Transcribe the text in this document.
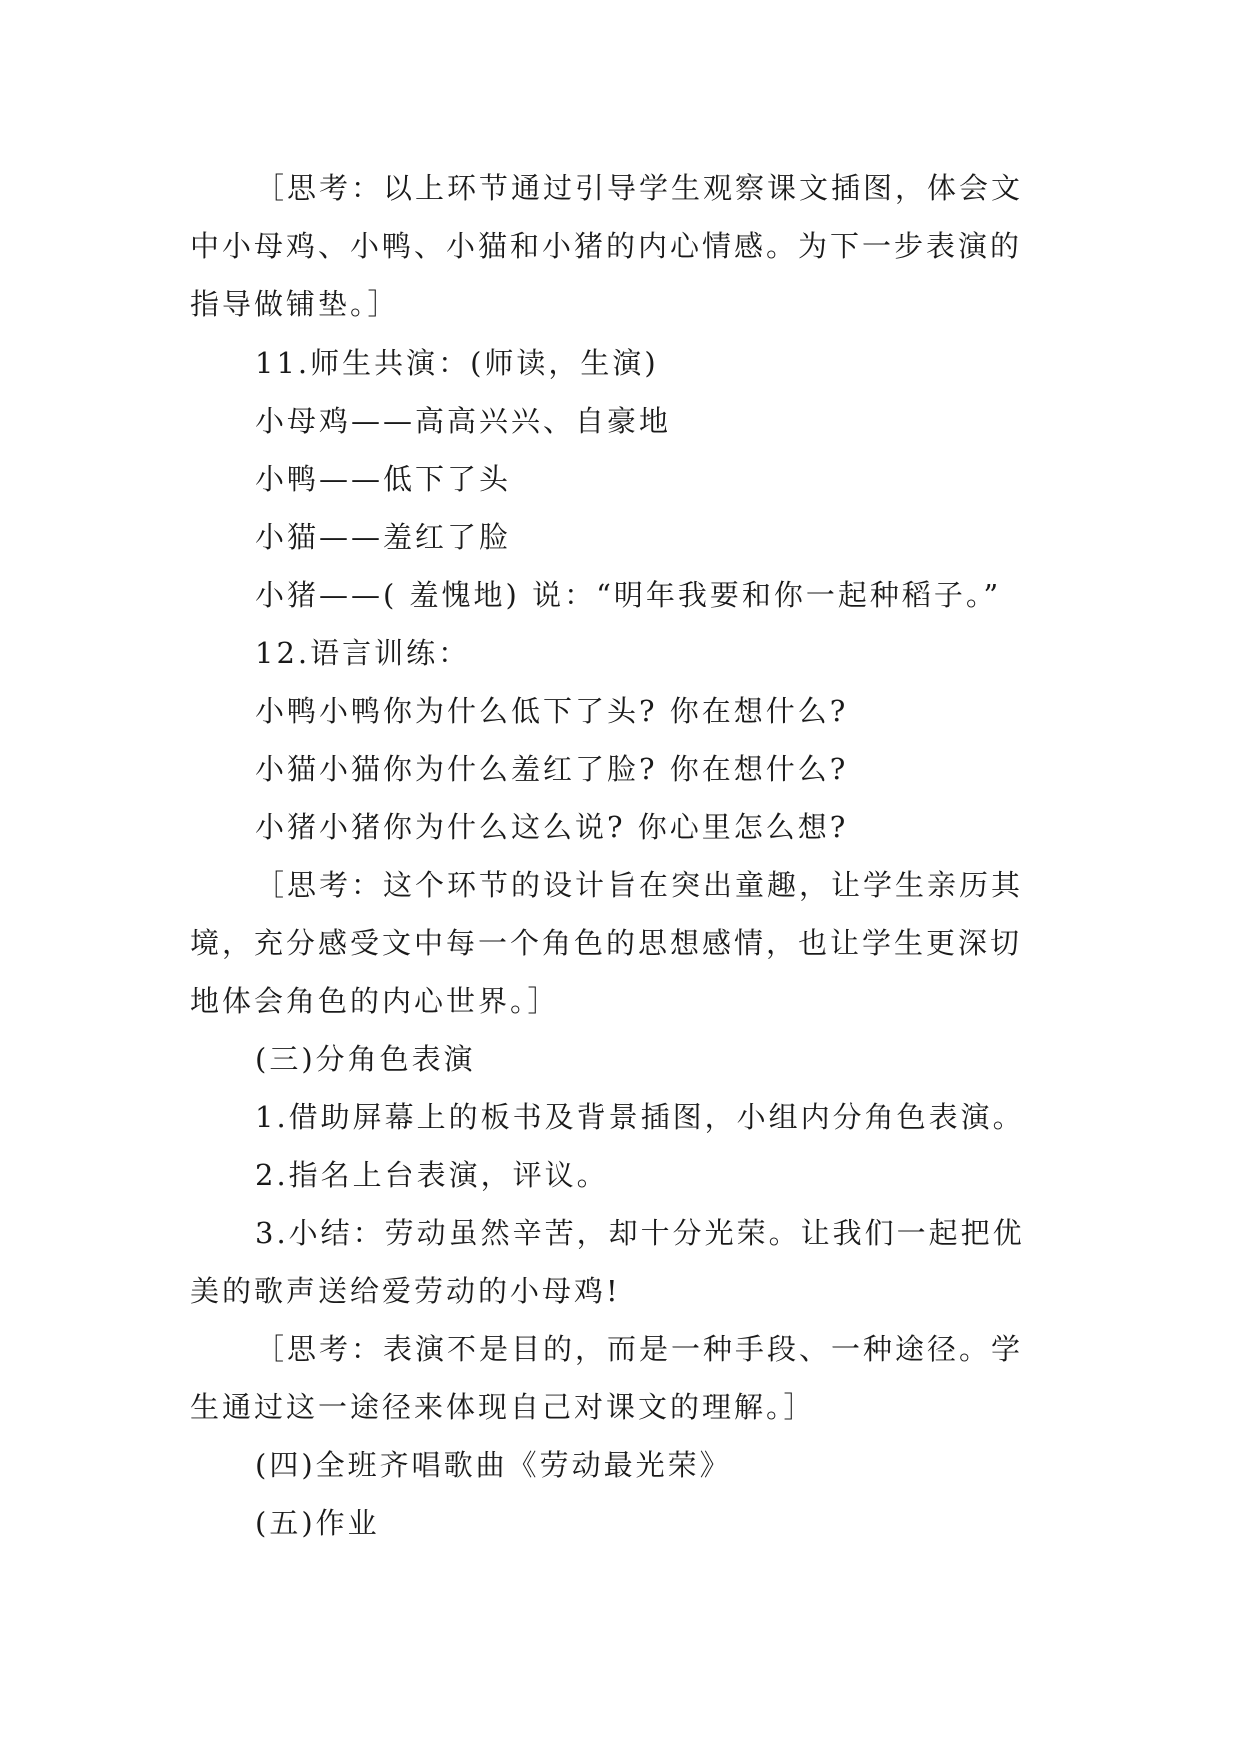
［思考：以上环节通过引导学生观察课文插图，体会文
中小母鸡、小鸭、小猫和小猪的内心情感。为下一步表演的
指导做铺垫。］
11.师生共演：(师读，生演)
小母鸡——高高兴兴、自豪地
小鸭——低下了头
小猫——羞红了脸
小猪——( 羞愧地) 说：“明年我要和你一起种稻子。”
12.语言训练：
小鸭小鸭你为什么低下了头? 你在想什么?
小猫小猫你为什么羞红了脸? 你在想什么?
小猪小猪你为什么这么说? 你心里怎么想?
［思考：这个环节的设计旨在突出童趣，让学生亲历其
境，充分感受文中每一个角色的思想感情，也让学生更深切
地体会角色的内心世界。］
(三)分角色表演
1.借助屏幕上的板书及背景插图，小组内分角色表演。
2.指名上台表演，评议。
3.小结：劳动虽然辛苦，却十分光荣。让我们一起把优
美的歌声送给爱劳动的小母鸡!
［思考：表演不是目的，而是一种手段、一种途径。学
生通过这一途径来体现自己对课文的理解。］
(四)全班齐唱歌曲《劳动最光荣》
(五)作业
